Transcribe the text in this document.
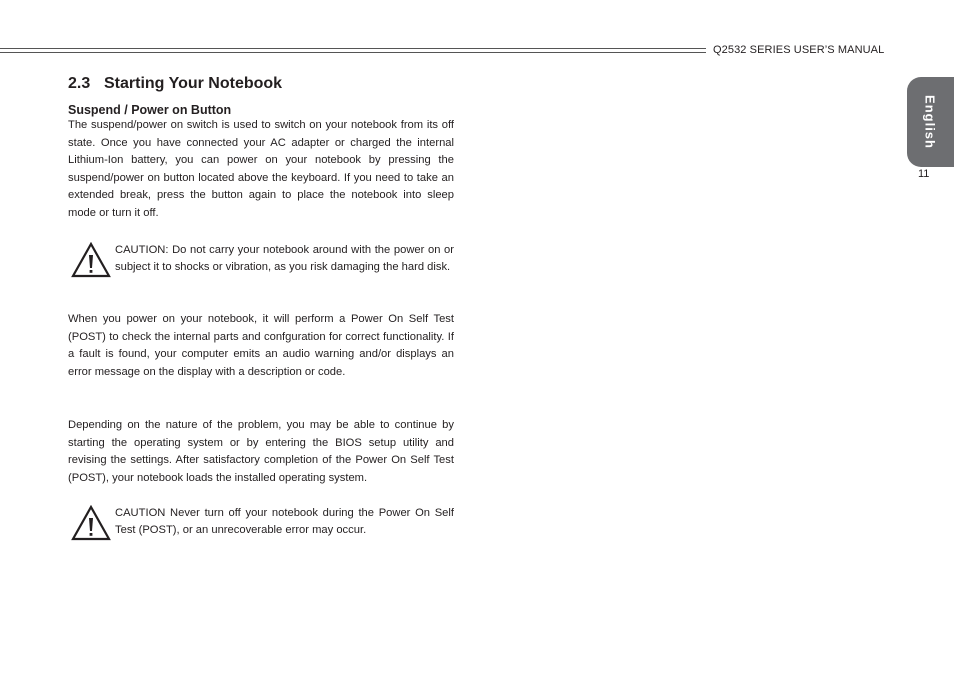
Q2532 SERIES USER’S MANUAL
English
11
2.3 Starting Your Notebook
Suspend / Power on Button

The suspend/power on switch is used to switch on your notebook from its off state. Once you have connected your AC adapter or charged the internal Lithium-Ion battery, you can power on your notebook by pressing the suspend/power on button located above the keyboard. If you need to take an extended break, press the button again to place the notebook into sleep mode or turn it off.

CAUTION: Do not carry your notebook around with the power on or subject it to shocks or vibration, as you risk damaging the hard disk.

When you power on your notebook, it will perform a Power On Self Test (POST) to check the internal parts and confguration for correct functionality. If a fault is found, your computer emits an audio warning and/or displays an error message on the display with a description or code.

Depending on the nature of the problem, you may be able to continue by starting the operating system or by entering the BIOS setup utility and revising the settings. After satisfactory completion of the Power On Self Test (POST), your notebook loads the installed operating system.

CAUTION Never turn off your notebook during the Power On Self Test (POST), or an unrecoverable error may occur.
